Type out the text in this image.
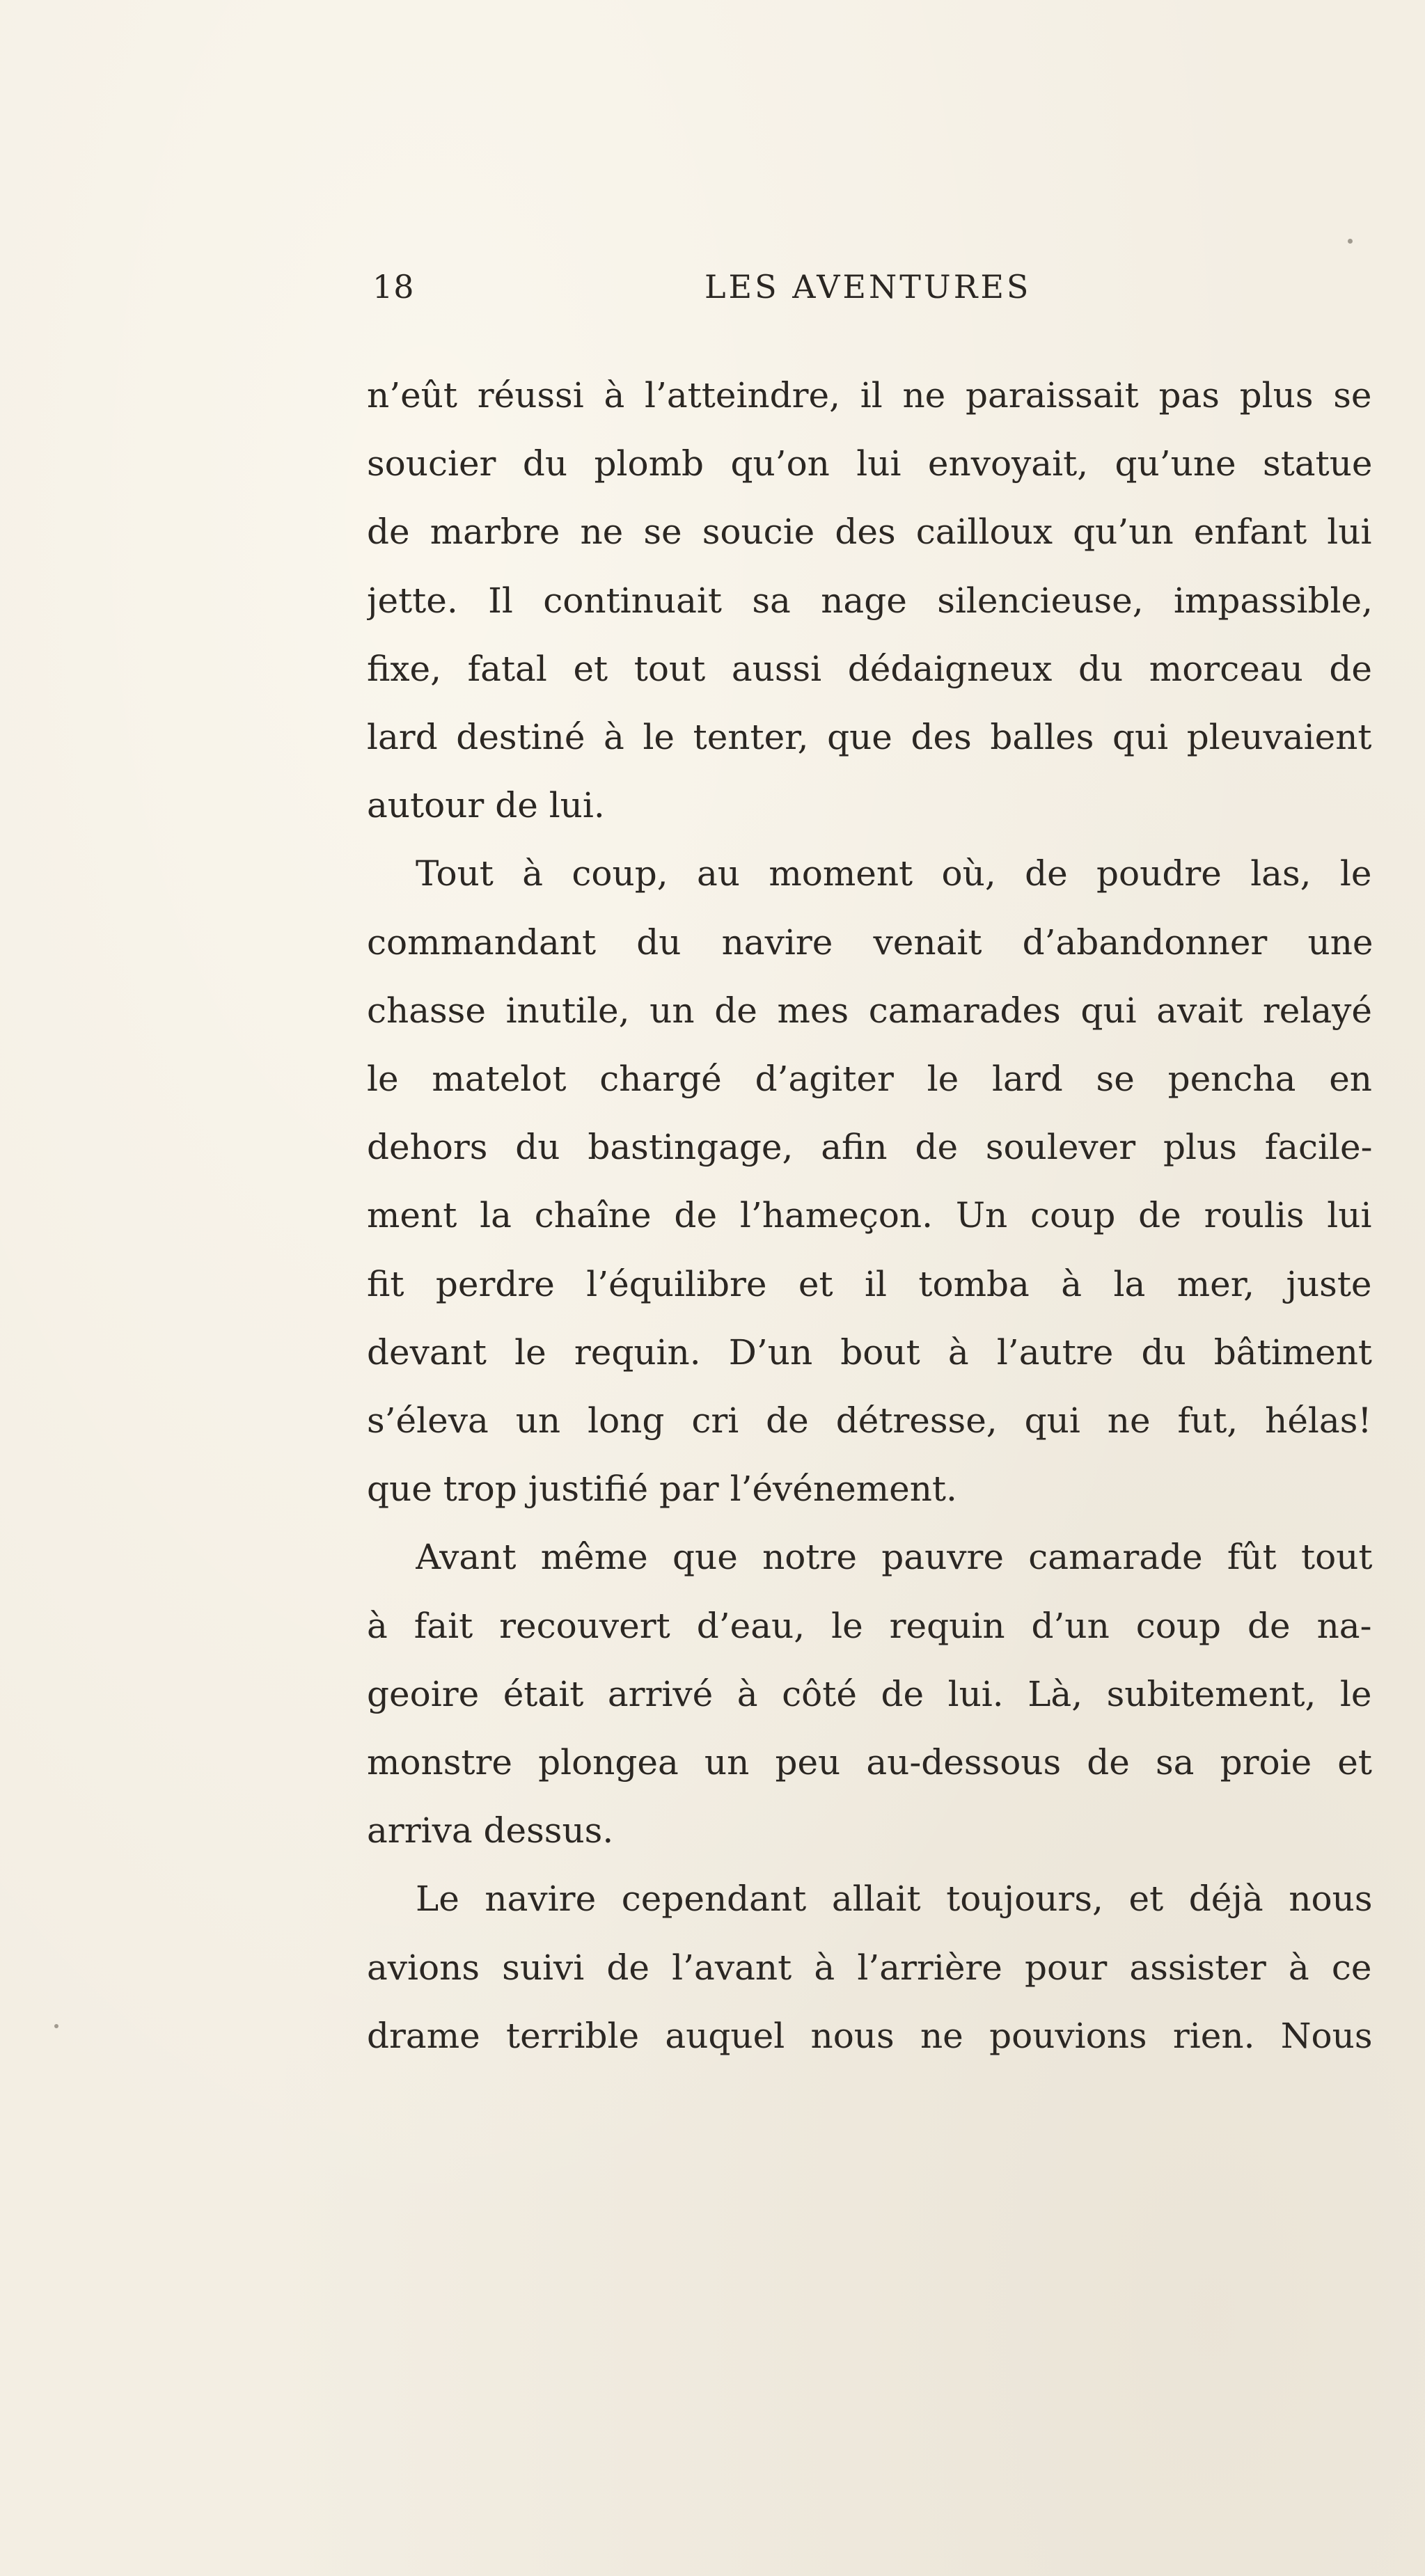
18	LES AVENTURES
n’eût réussi à l’atteindre, il ne paraissait pas plus se
soucier du plomb qu’on lui envoyait, qu’une statue
de marbre ne se soucie des cailloux qu’un enfant lui
jette. Il continuait sa nage silencieuse, impassible,
fixe, fatal et tout aussi dédaigneux du morceau de
lard destiné à le tenter, que des balles qui pleuvaient
autour de lui.
Tout à coup, au moment où, de poudre las, le
commandant du navire venait d’abandonner une
chasse inutile, un de mes camarades qui avait relayé
le matelot chargé d’agiter le lard se pencha en
dehors du bastingage, afin de soulever plus facile-
ment la chaîne de l’hameçon. Un coup de roulis lui
fit perdre l’équilibre et il tomba à la mer, juste
devant le requin. D’un bout à l’autre du bâtiment
s’éleva un long cri de détresse, qui ne fut, hélas!
que trop justifié par l’événement.
Avant même que notre pauvre camarade fût tout
à fait recouvert d’eau, le requin d’un coup de na-
geoire était arrivé à côté de lui. Là, subitement, le
monstre plongea un peu au-dessous de sa proie et
arriva dessus.
Le navire cependant allait toujours, et déjà nous
avions suivi de l’avant à l’arrière pour assister à ce
drame terrible auquel nous ne pouvions rien. Nous
